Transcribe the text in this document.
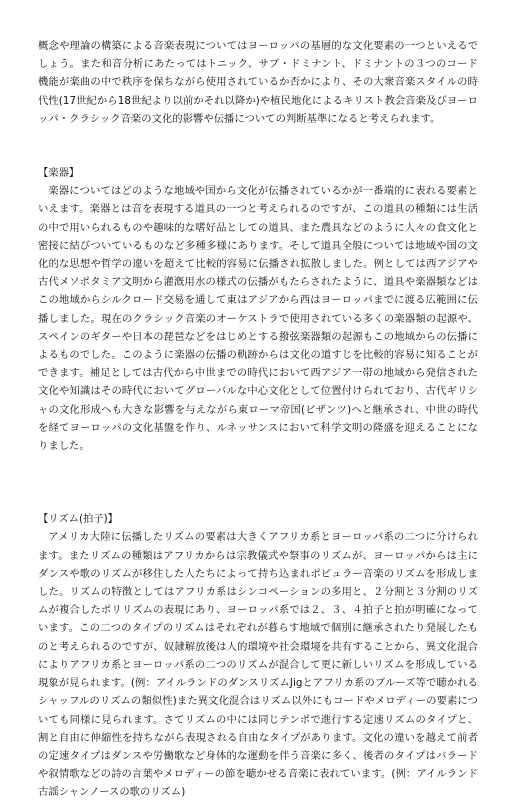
概念や理論の構築による音楽表現についてはヨーロッパの基層的な文化要素の一つといえるでしょう。また和音分析にあたってはトニック、サブ・ドミナント、ドミナントの３つのコード機能が楽曲の中で秩序を保ちながら使用されているか否かにより、その大衆音楽スタイルの時代性(17世紀から18世紀より以前かそれ以降か)や植民地化によるキリスト教会音楽及びヨーロッパ・クラシック音楽の文化的影響や伝播についての判断基準になると考えられます。

【楽器】

楽器についてはどのような地域や国から文化が伝播されているかが一番端的に表れる要素といえます。楽器とは音を表現する道具の一つと考えられるのですが、この道具の種類には生活の中で用いられるものや趣味的な嗜好品としての道具、また農具などのように人々の食文化と密接に結びついているものなど多種多様にあります。そして道具全般については地域や国の文化的な思想や哲学の違いを超えて比較的容易に伝播され拡散しました。例としては西アジアや古代メソポタミア文明から灌漑用水の様式の伝播がもたらされたように、道具や楽器類などはこの地域からシルクロード交易を通して東はアジアから西はヨーロッパまでに渡る広範囲に伝播しました。現在のクラシック音楽のオーケストラで使用されている多くの楽器類の起源や、スペインのギターや日本の琵琶などをはじめとする撥弦楽器類の起源もこの地域からの伝播によるものでした。このように楽器の伝播の軌跡からは文化の道すじを比較的容易に知ることができます。補足としては古代から中世までの時代において西アジア一帯の地域から発信された文化や知識はその時代においてグローバルな中心文化として位置付けられており、古代ギリシャの文化形成へも大きな影響を与えながら東ローマ帝国(ビザンツ)へと継承され、中世の時代を経てヨーロッパの文化基盤を作り、ルネッサンスにおいて科学文明の隆盛を迎えることになりました。

【リズム(拍子)】

アメリカ大陸に伝播したリズムの要素は大きくアフリカ系とヨーロッパ系の二つに分けられます。またリズムの種類はアフリカからは宗教儀式や祭事のリズムが、ヨーロッパからは主にダンスや歌のリズムが移住した人たちによって持ち込まれポピュラー音楽のリズムを形成しました。リズムの特徴としてはアフリカ系はシンコペーションの多用と、２分割と３分割のリズムが複合したポリリズムの表現にあり、ヨーロッパ系では２、３、４拍子と拍が明確になっています。この二つのタイプのリズムはそれぞれが暮らす地域で個別に継承されたり発展したものと考えられるのですが、奴隷解放後は人的環境や社会環境を共有することから、異文化混合によりアフリカ系とヨーロッパ系の二つのリズムが混合して更に新しいリズムを形成している現象が見られます。(例：アイルランドのダンスリズムJigとアフリカ系のブルーズ等で聴かれるシャッフルのリズムの類似性)また異文化混合はリズム以外にもコードやメロディーの要素についても同様に見られます。さてリズムの中には同じテンポで進行する定速リズムのタイプと、割と自由に伸縮性を持ちながら表現される自由なタイプがあります。文化の違いを越えて前者の定速タイプはダンスや労働歌など身体的な運動を伴う音楽に多く、後者のタイプはバラードや叙情歌などの詩の言葉やメロディーの節を聴かせる音楽に表れています。(例：アイルランド古謡シャンノースの歌のリズム)
